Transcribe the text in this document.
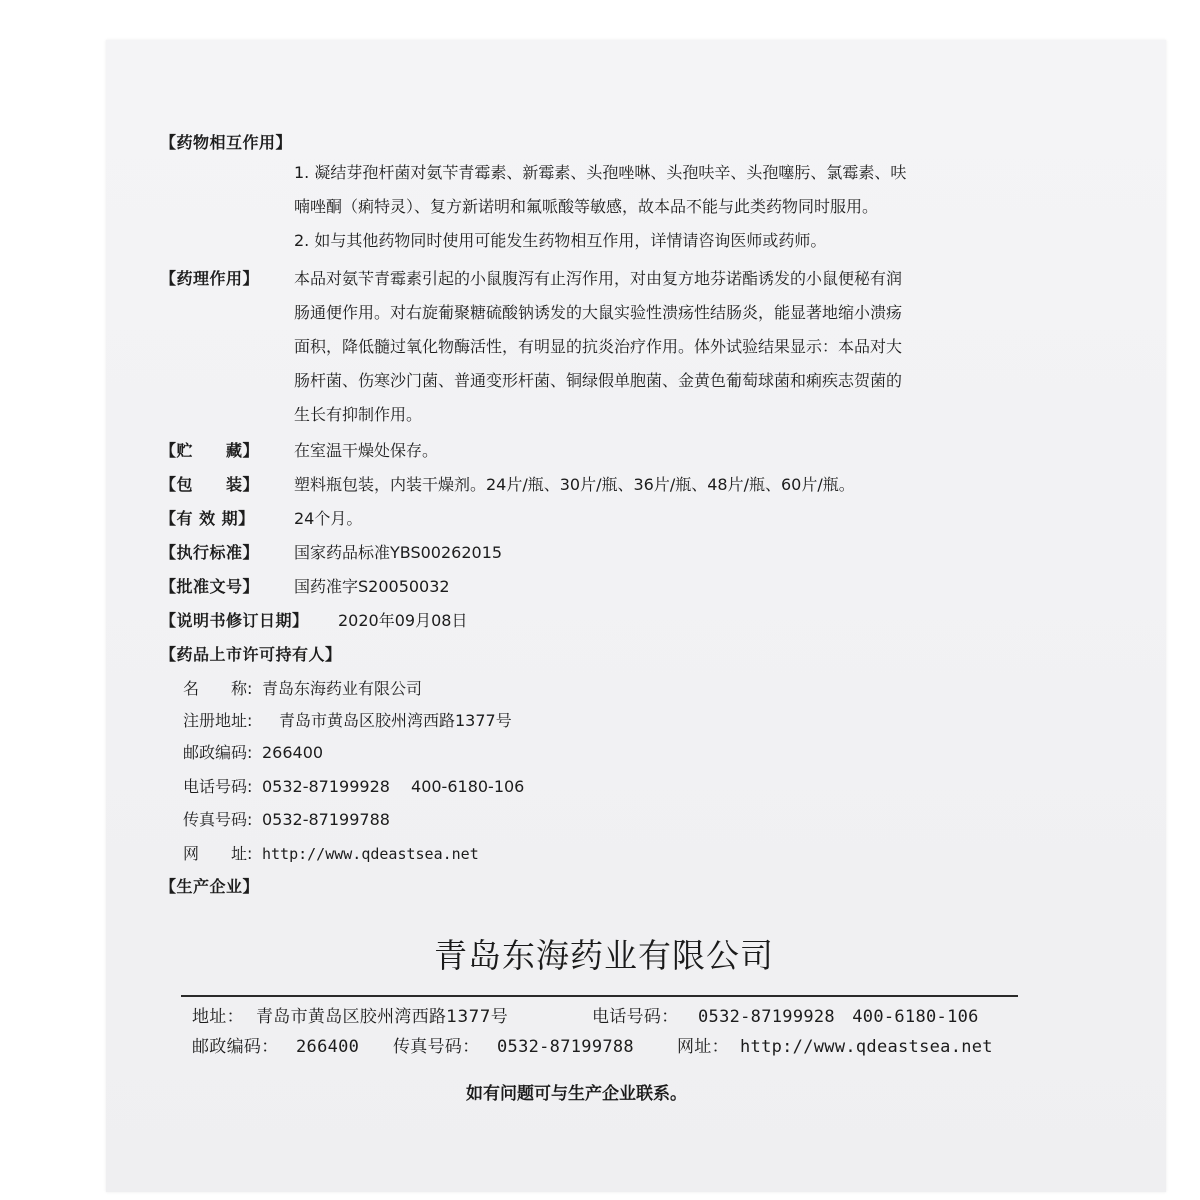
【药物相互作用】
1. 凝结芽孢杆菌对氨苄青霉素、新霉素、头孢唑啉、头孢呋辛、头孢噻肟、氯霉素、呋
喃唑酮（痢特灵）、复方新诺明和氟哌酸等敏感，故本品不能与此类药物同时服用。
2. 如与其他药物同时使用可能发生药物相互作用，详情请咨询医师或药师。
【药理作用】 本品对氨苄青霉素引起的小鼠腹泻有止泻作用，对由复方地芬诺酯诱发的小鼠便秘有润
肠通便作用。对右旋葡聚糖硫酸钠诱发的大鼠实验性溃疡性结肠炎，能显著地缩小溃疡
面积，降低髓过氧化物酶活性，有明显的抗炎治疗作用。体外试验结果显示：本品对大
肠杆菌、伤寒沙门菌、普通变形杆菌、铜绿假单胞菌、金黄色葡萄球菌和痢疾志贺菌的
生长有抑制作用。
【贮　　藏】 在室温干燥处保存。
【包　　装】 塑料瓶包装，内装干燥剂。24片/瓶、30片/瓶、36片/瓶、48片/瓶、60片/瓶。
【有 效 期】 24个月。
【执行标准】 国家药品标准YBS00262015
【批准文号】 国药准字S20050032
【说明书修订日期】 2020年09月08日
【药品上市许可持有人】
名　　称: 青岛东海药业有限公司
注册地址: 青岛市黄岛区胶州湾西路1377号
邮政编码: 266400
电话号码: 0532-87199928　 400-6180-106
传真号码: 0532-87199788
网　　址: http://www.qdeastsea.net
【生产企业】
青岛东海药业有限公司
地址： 青岛市黄岛区胶州湾西路1377号	电话号码： 0532-87199928　400-6180-106
邮政编码： 266400 传真号码： 0532-87199788	网址： http://www.qdeastsea.net
如有问题可与生产企业联系。
